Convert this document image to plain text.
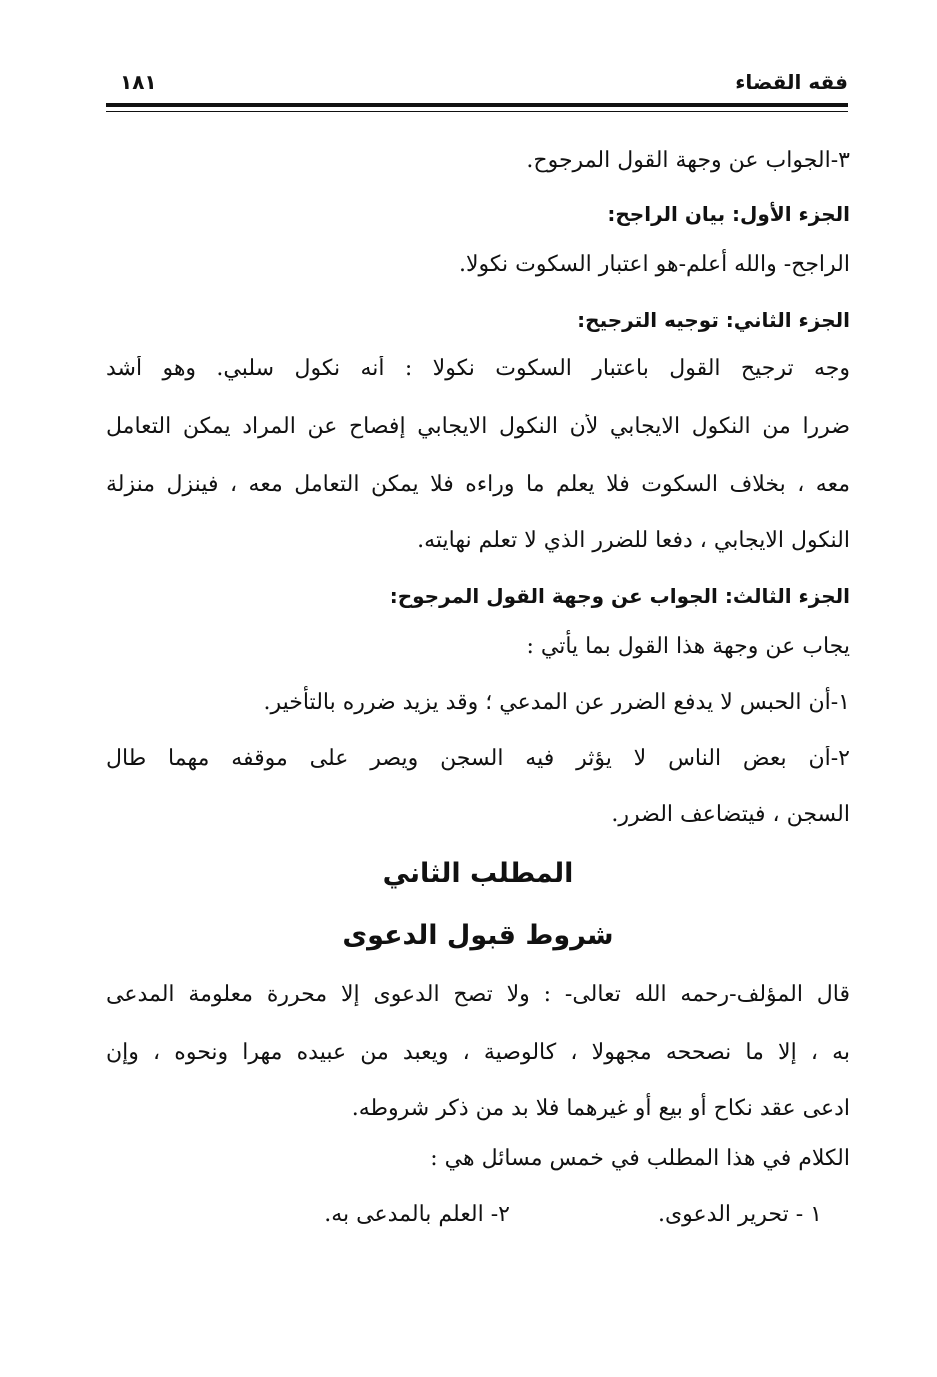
فقه القضاء
١٨١
٣-الجواب عن وجهة القول المرجوح.
الجزء الأول: بيان الراجح:
الراجح- والله أعلم-هو اعتبار السكوت نكولا.
الجزء الثاني: توجيه الترجيح:
وجه ترجيح القول باعتبار السكوت نكولا : أنه نكول سلبي. وهو أشد
ضررا من النكول الايجابي لأن النكول الايجابي إفصاح عن المراد يمكن التعامل
معه ، بخلاف السكوت فلا يعلم ما وراءه فلا يمكن التعامل معه ، فينزل منزلة
النكول الايجابي ، دفعا للضرر الذي لا تعلم نهايته.
الجزء الثالث: الجواب عن وجهة القول المرجوح:
يجاب عن وجهة هذا القول بما يأتي :
١-أن الحبس لا يدفع الضرر عن المدعي ؛ وقد يزيد ضرره بالتأخير.
٢-أن بعض الناس لا يؤثر فيه السجن ويصر على موقفه مهما طال
السجن ، فيتضاعف الضرر.
المطلب الثاني
شروط قبول الدعوى
قال المؤلف-رحمه الله تعالى- : ولا تصح الدعوى إلا محررة معلومة المدعى
به ، إلا ما نصححه مجهولا ، كالوصية ، ويعبد من عبيده مهرا ونحوه ، وإن
ادعى عقد نكاح أو بيع أو غيرهما فلا بد من ذكر شروطه.
الكلام في هذا المطلب في خمس مسائل هي :
١ - تحرير الدعوى.
٢- العلم بالمدعى به.
